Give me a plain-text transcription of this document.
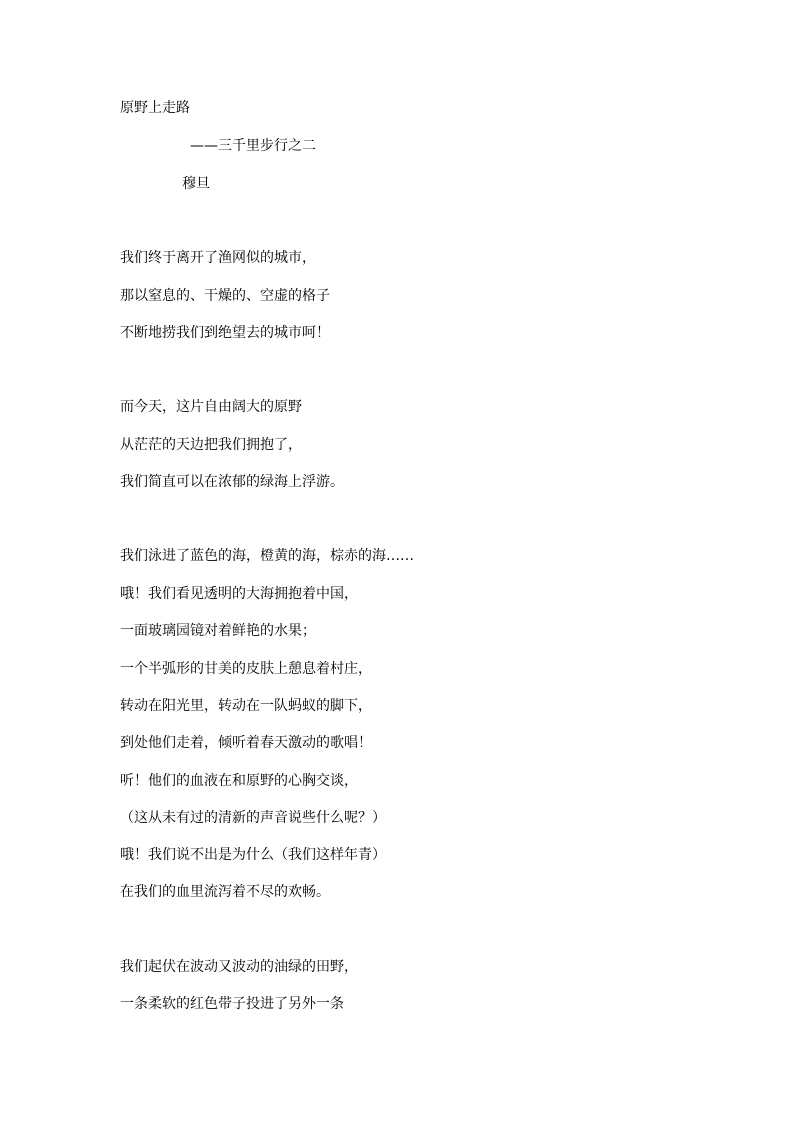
原野上走路
——三千里步行之二
穆旦
我们终于离开了渔网似的城市，
那以窒息的、干燥的、空虚的格子
不断地捞我们到绝望去的城市呵！
而今天，这片自由阔大的原野
从茫茫的天边把我们拥抱了，
我们简直可以在浓郁的绿海上浮游。
我们泳进了蓝色的海，橙黄的海，棕赤的海……
哦！我们看见透明的大海拥抱着中国，
一面玻璃园镜对着鲜艳的水果；
一个半弧形的甘美的皮肤上憩息着村庄，
转动在阳光里，转动在一队蚂蚁的脚下，
到处他们走着，倾听着春天激动的歌唱！
听！他们的血液在和原野的心胸交谈，
（这从未有过的清新的声音说些什么呢？）
哦！我们说不出是为什么（我们这样年青）
在我们的血里流泻着不尽的欢畅。
我们起伏在波动又波动的油绿的田野，
一条柔软的红色带子投进了另外一条
